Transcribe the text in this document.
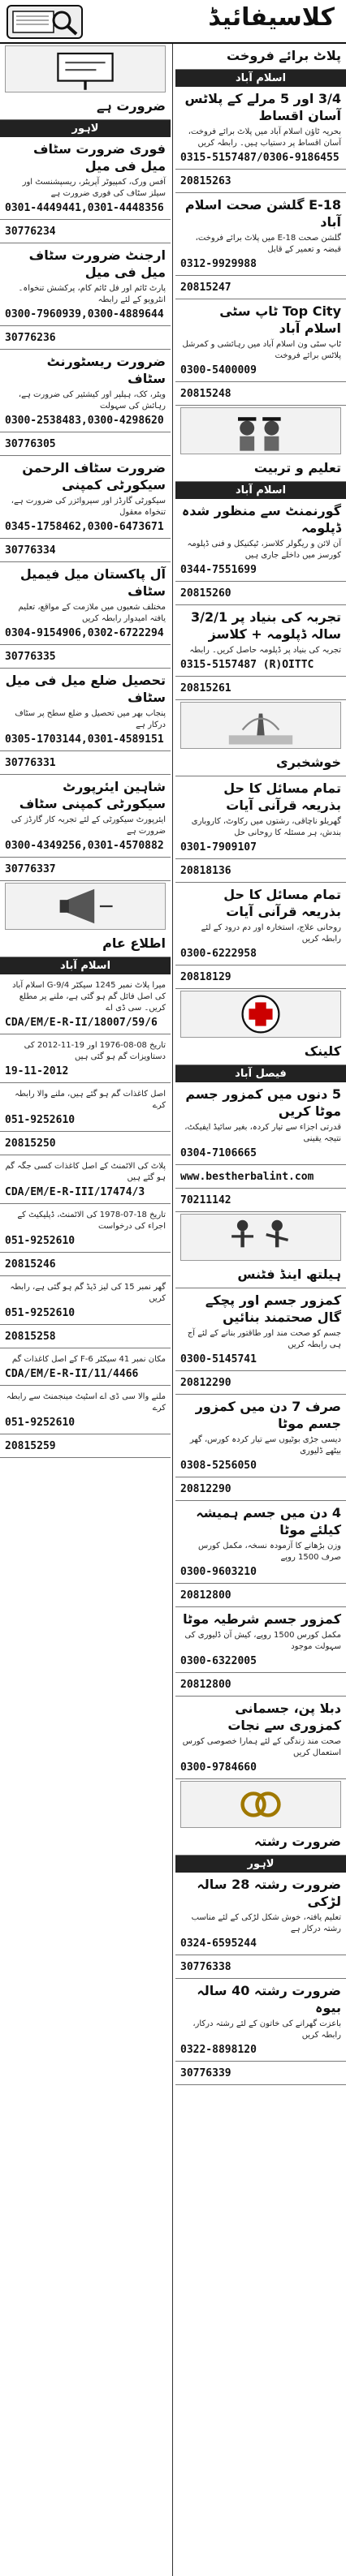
کلاسیفائیڈ
پلاٹ برائے فروخت
اسلام آباد
3/4 اور 5 مرلے کے پلاٹس آسان اقساط
بحریہ ٹاؤن اسلام آباد میں پلاٹ برائے فروخت، آسان اقساط پر دستیاب ہیں۔ رابطہ کریں
0315-5157487/0306-9186455
20815263
E-18 گلشن صحت اسلام آباد
گلشن صحت E-18 میں پلاٹ برائے فروخت، قبضہ و تعمیر کے قابل
0312-9929988
20815247
Top City ٹاپ سٹی اسلام آباد
ٹاپ سٹی ون اسلام آباد میں رہائشی و کمرشل پلاٹس برائے فروخت
0300-5400009
20815248
تعلیم و تربیت
اسلام آباد
گورنمنٹ سے منظور شدہ ڈپلومہ
آن لائن و ریگولر کلاسز، ٹیکنیکل و فنی ڈپلومہ کورسز میں داخلے جاری ہیں
0344-7551699
20815260
تجربہ کی بنیاد پر 3/2/1 سالہ ڈپلومہ + کلاسز
تجربہ کی بنیاد پر ڈپلومہ حاصل کریں۔ رابطہ
0315-5157487 (R)OITTC
20815261
خوشخبری
تمام مسائل کا حل بذریعہ قرآنی آیات
گھریلو ناچاقی، رشتوں میں رکاوٹ، کاروباری بندش، ہر مسئلہ کا روحانی حل
0301-7909107
20818136
تمام مسائل کا حل بذریعہ قرآنی آیات
روحانی علاج، استخارہ اور دم درود کے لئے رابطہ کریں
0300-6222958
20818129
کلینک
فیصل آباد
5 دنوں میں کمزور جسم موٹا کریں
قدرتی اجزاء سے تیار کردہ، بغیر سائیڈ ایفیکٹ، نتیجہ یقینی
0304-7106665
www.bestherbalint.com
70211142
ہیلتھ اینڈ فٹنس
کمزور جسم اور پچکے گال صحتمند بنائیں
جسم کو صحت مند اور طاقتور بنانے کے لئے آج ہی رابطہ کریں
0300-5145741
20812290
صرف 7 دن میں کمزور جسم موٹا
دیسی جڑی بوٹیوں سے تیار کردہ کورس، گھر بیٹھے ڈلیوری
0308-5256050
20812290
4 دن میں جسم ہمیشہ کیلئے موٹا
وزن بڑھانے کا آزمودہ نسخہ، مکمل کورس صرف 1500 روپے
0300-9603210
20812800
کمزور جسم شرطیہ موٹا
مکمل کورس 1500 روپے، کیش آن ڈلیوری کی سہولت موجود
0300-6322005
20812800
دبلا پن، جسمانی کمزوری سے نجات
صحت مند زندگی کے لئے ہمارا خصوصی کورس استعمال کریں
0300-9784660
ضرورت رشتہ
لاہور
ضرورت رشتہ 28 سالہ لڑکی
تعلیم یافتہ، خوش شکل لڑکی کے لئے مناسب رشتہ درکار ہے
0324-6595244
30776338
ضرورت رشتہ 40 سالہ بیوہ
باعزت گھرانے کی خاتون کے لئے رشتہ درکار، رابطہ کریں
0322-8898120
30776339
ضرورت ہے
لاہور
فوری ضرورت سٹاف میل فی میل
آفس ورک، کمپیوٹر آپریٹر، ریسپشنسٹ اور سیلز سٹاف کی فوری ضرورت ہے
0301-4449441,0301-4448356
30776234
ارجنٹ ضرورت سٹاف میل فی میل
پارٹ ٹائم اور فل ٹائم کام، پرکشش تنخواہ۔ انٹرویو کے لئے رابطہ
0300-7960939,0300-4889644
30776236
ضرورت ریسٹورنٹ سٹاف
ویٹر، کک، ہیلپر اور کیشئیر کی ضرورت ہے، رہائش کی سہولت
0300-2538483,0300-4298620
30776305
ضرورت سٹاف الرحمن سیکورٹی کمپنی
سیکورٹی گارڈز اور سپروائزر کی ضرورت ہے، تنخواہ معقول
0345-1758462,0300-6473671
30776334
آل پاکستان میل فیمیل سٹاف
مختلف شعبوں میں ملازمت کے مواقع، تعلیم یافتہ امیدوار رابطہ کریں
0304-9154906,0302-6722294
30776335
تحصیل ضلع میل فی میل سٹاف
پنجاب بھر میں تحصیل و ضلع سطح پر سٹاف درکار ہے
0305-1703144,0301-4589151
30776331
شاہین ایئرپورٹ سیکورٹی کمپنی سٹاف
ایئرپورٹ سیکورٹی کے لئے تجربہ کار گارڈز کی ضرورت ہے
0300-4349256,0301-4570882
30776337
اطلاع عام
اسلام آباد
میرا پلاٹ نمبر 1245 سیکٹر G-9/4 اسلام آباد کی اصل فائل گم ہو گئی ہے، ملنے پر مطلع کریں۔ سی ڈی اے
CDA/EM/E-R-II/18007/59/6
تاریخ 08-08-1976 اور 19-11-2012 کی دستاویزات گم ہو گئی ہیں
19-11-2012
اصل کاغذات گم ہو گئے ہیں، ملنے والا رابطہ کرے
051-9252610
20815250
پلاٹ کی الاٹمنٹ کے اصل کاغذات کسی جگہ گم ہو گئے ہیں
CDA/EM/E-R-III/17474/3
تاریخ 18-07-1978 کی الاٹمنٹ، ڈپلیکیٹ کے اجراء کی درخواست
051-9252610
20815246
گھر نمبر 15 کی لیز ڈیڈ گم ہو گئی ہے، رابطہ کریں
051-9252610
20815258
مکان نمبر 41 سیکٹر F-6 کے اصل کاغذات گم
CDA/EM/E-R-II/11/4466
ملنے والا سی ڈی اے اسٹیٹ مینجمنٹ سے رابطہ کرے
051-9252610
20815259
